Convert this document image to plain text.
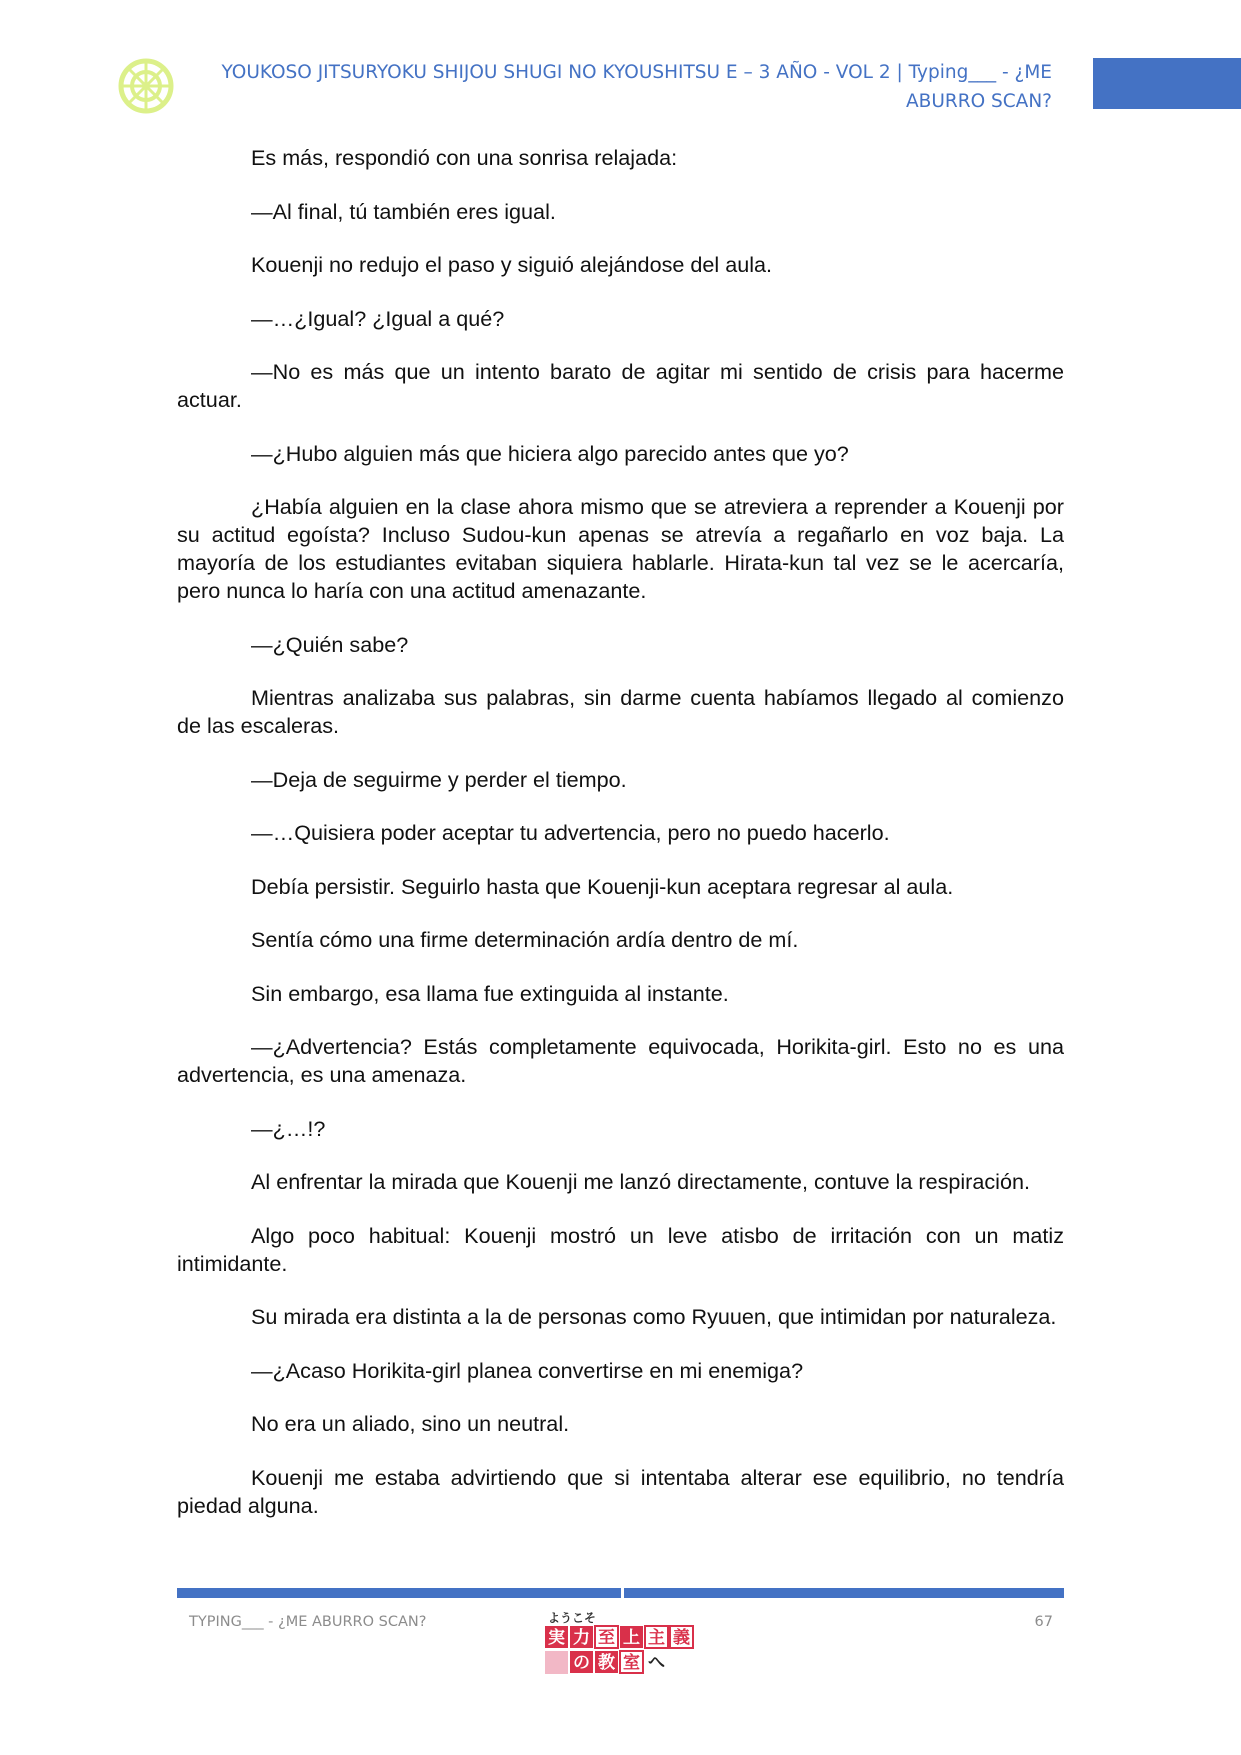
YOUKOSO JITSURYOKU SHIJOU SHUGI NO KYOUSHITSU E – 3 AÑO - VOL 2 | Typing___ - ¿ME
ABURRO SCAN?

Es más, respondió con una sonrisa relajada:

—Al final, tú también eres igual.

Kouenji no redujo el paso y siguió alejándose del aula.

—…¿Igual? ¿Igual a qué?

—No es más que un intento barato de agitar mi sentido de crisis para hacerme actuar.

—¿Hubo alguien más que hiciera algo parecido antes que yo?

¿Había alguien en la clase ahora mismo que se atreviera a reprender a Kouenji por su actitud egoísta? Incluso Sudou-kun apenas se atrevía a regañarlo en voz baja. La mayoría de los estudiantes evitaban siquiera hablarle. Hirata-kun tal vez se le acercaría, pero nunca lo haría con una actitud amenazante.

—¿Quién sabe?

Mientras analizaba sus palabras, sin darme cuenta habíamos llegado al comienzo de las escaleras.

—Deja de seguirme y perder el tiempo.

—…Quisiera poder aceptar tu advertencia, pero no puedo hacerlo.

Debía persistir. Seguirlo hasta que Kouenji-kun aceptara regresar al aula.

Sentía cómo una firme determinación ardía dentro de mí.

Sin embargo, esa llama fue extinguida al instante.

—¿Advertencia? Estás completamente equivocada, Horikita-girl. Esto no es una advertencia, es una amenaza.

—¿…!?

Al enfrentar la mirada que Kouenji me lanzó directamente, contuve la respiración.

Algo poco habitual: Kouenji mostró un leve atisbo de irritación con un matiz intimidante.

Su mirada era distinta a la de personas como Ryuuen, que intimidan por naturaleza.

—¿Acaso Horikita-girl planea convertirse en mi enemiga?

No era un aliado, sino un neutral.

Kouenji me estaba advirtiendo que si intentaba alterar ese equilibrio, no tendría piedad alguna.

TYPING___ - ¿ME ABURRO SCAN?	67
ようこそ
実 力 至 上 主 義
の 教 室 へ
